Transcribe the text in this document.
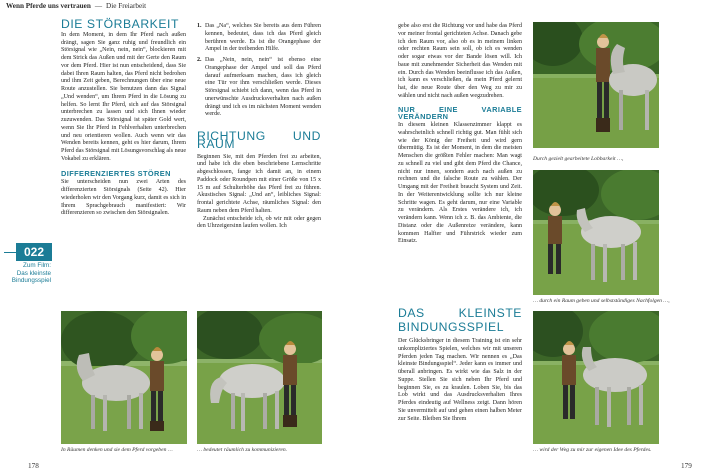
Wenn Pferde uns vertrauen — Die Freiarbeit
022
Zum Film:
Das kleinste
Bindungsspiel
DIE STÖRBARKEIT

In dem Moment, in dem Ihr Pferd nach außen drängt, sagen Sie ganz ruhig und freundlich ein Störsignal wie „Nein, nein, nein“, blockieren mit dem Strick das Außen und mit der Gerte den Raum vor dem Pferd. Hier ist nun entscheidend, dass Sie dabei Ihren Raum halten, das Pferd nicht bedrohen und ihm Zeit geben, Berechnungen über eine neue Route anzustellen. Sie benutzen dann das Signal „Und wenden“, um Ihrem Pferd in die Lösung zu helfen. So lernt Ihr Pferd, sich auf das Störsignal unterbrechen zu lassen und sich Ihnen wieder zuzuwenden. Das Störsignal ist später Gold wert, wenn Sie Ihr Pferd in Fehlverhalten unterbrechen und neu orientieren wollen. Auch wenn wir das Wenden bereits kennen, geht es hier darum, Ihrem Pferd das Störsignal mit Lösungsvorschlag als neue Vokabel zu erklären.

DIFFERENZIERTES STÖREN

Sie unterscheiden nun zwei Arten des differenzierten Störsignals (Seite 42). Hier wiederholen wir den Vorgang kurz, damit es sich in Ihrem Sprachgebrauch manifestiert: Wir differenzieren so zwischen den Störsignalen.

1. Das „Na“, welches Sie bereits aus dem Führen kennen, bedeutet, dass ich das Pferd gleich berühren werde. Es ist die Orangephase der Ampel in der treibenden Hilfe.
2. Das „Nein, nein, nein“ ist ebenso eine Orangephase der Ampel und soll das Pferd darauf aufmerksam machen, dass ich gleich eine Tür vor ihm verschließen werde. Dieses Störsignal schiebt ich dann, wenn das Pferd in unerwünschte Ausdrucksverhalten nach außen drängt und ich es im nächsten Moment wenden werde.
RICHTUNG UND RAUM

Beginnen Sie, mit den Pferden frei zu arbeiten, und habe ich die eben beschriebene Lernschritte abgeschlossen, fange ich damit an, in einem Paddock oder Roundpen mit einer Größe von 15 x 15 m auf Schulterhöhe das Pferd frei zu führen. Akustisches Signal: „Und an“, leibliches Signal: frontal gerichtete Achse, räumliches Signal: den Raum neben dem Pferd halten.

Zunächst entscheide ich, ob wir mit oder gegen den Uhrzeigersinn laufen wollen. Ich

gebe also erst die Richtung vor und habe das Pferd vor meiner frontal gerichteten Achse. Danach gebe ich den Raum vor, also ob es in meinem linken oder rechten Raum sein soll, ob ich es wenden oder sogar etwas vor der Bande lösen will. Ich baue mit zunehmender Sicherheit das Wenden mit ein. Durch das Wenden beeinflusse ich das Außen, ich kann es verschließen, da mein Pferd gelernt hat, die neue Route über den Weg zu mir zu wählen und nicht nach außen wegzudrehen.

NUR EINE VARIABLE VERÄNDERN

In diesem kleinen Klassenzimmer klappt es wahrscheinlich schnell richtig gut. Man fühlt sich wie der König der Freiheit und wird gern übermütig. Es ist der Moment, in dem die meisten Menschen die größten Fehler machen: Man wagt zu schnell zu viel und gibt dem Pferd die Chance, nicht nur innen, sondern auch nach außen zu rechnen und die falsche Route zu wählen. Der Umgang mit der Freiheit braucht System und Zeit. In der Weiterentwicklung sollte ich nur kleine Schritte wagen. Es geht darum, nur eine Variable zu verändern. Als Erstes verändere ich, ich verändern kann. Wenn ich z. B. das Ambiente, die Distanz oder die Außenreize verändere, kann kommen Halfter und Führstrick wieder zum Einsatz.

DAS KLEINSTE BINDUNGSSPIEL

Der Glücksbringer in diesem Training ist ein sehr unkompliziertes Spielen, welches wir mit unseren Pferden jeden Tag machen. Wir nennen es „Das kleinste Bindungsspiel“. Jeder kann es immer und überall anbringen. Es wirkt wie das Salz in der Suppe. Stellen Sie sich neben Ihr Pferd und beginnen Sie, es zu kraulen. Loben Sie, bis das Lob wirkt und das Ausdrucksverhalten Ihres Pferdes eindeutig auf Wellness zeigt. Dann hören Sie unvermittelt auf und gehen einen halben Meter zur Seite. Bleiben Sie Ihrem

In Räumen denken und sie dem Pferd vorgeben …	… bedeutet räumlich zu kommunizieren.
Durch gezielt gearbeitete Lobbarkeit …,
… durch ein Raum geben und selbstständiges Nachfolgen …,
… wird der Weg zu mir zur eigenen Idee des Pferdes.
178	179
